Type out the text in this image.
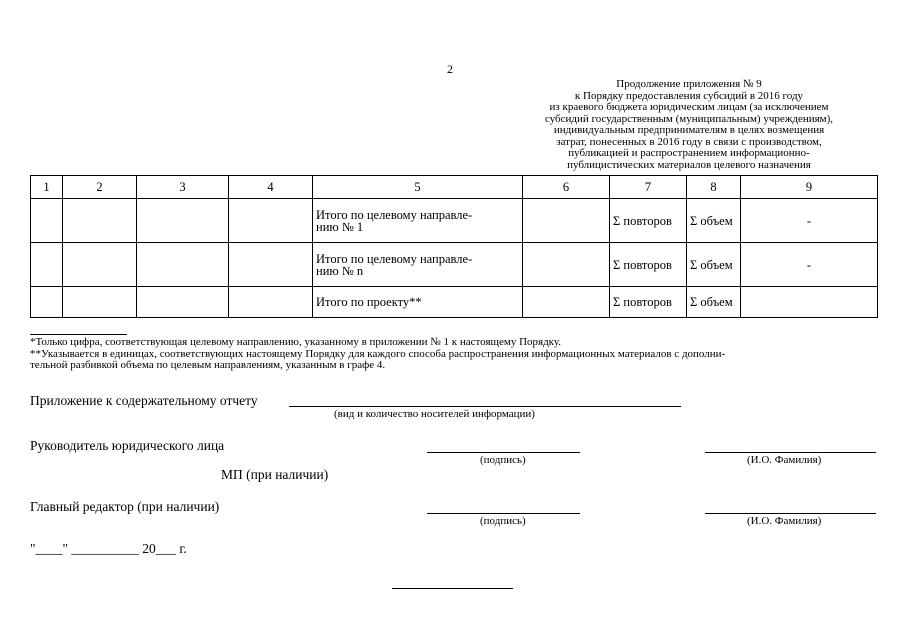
2
Продолжение приложения № 9
к Порядку предоставления субсидий в 2016 году
из краевого бюджета юридическим лицам (за исключением
субсидий государственным (муниципальным) учреждениям),
индивидуальным предпринимателям в целях возмещения
затрат, понесенных в 2016 году в связи с производством,
публикацией и распространением информационно-
публицистических материалов целевого назначения
1	2	3	4	5	6	7	8	9

				Итого по целевому направле-
нию № 1		Σ повторов	Σ объем	-

				Итого по целевому направле-
нию № n		Σ повторов	Σ объем	-
				Итого по проекту**		Σ повторов	Σ объем	
*Только цифра, соответствующая целевому направлению, указанному в приложении № 1 к настоящему Порядку.
**Указывается в единицах, соответствующих настоящему Порядку для каждого способа распространения информационных материалов с дополни-
тельной разбивкой объема по целевым направлениям, указанным в графе 4.
Приложение к содержательному отчету
(вид и количество носителей информации)
Руководитель юридического лица
(подпись)	(И.О. Фамилия)
МП (при наличии)
Главный редактор (при наличии)
(подпись)	(И.О. Фамилия)
"____" __________ 20___ г.
